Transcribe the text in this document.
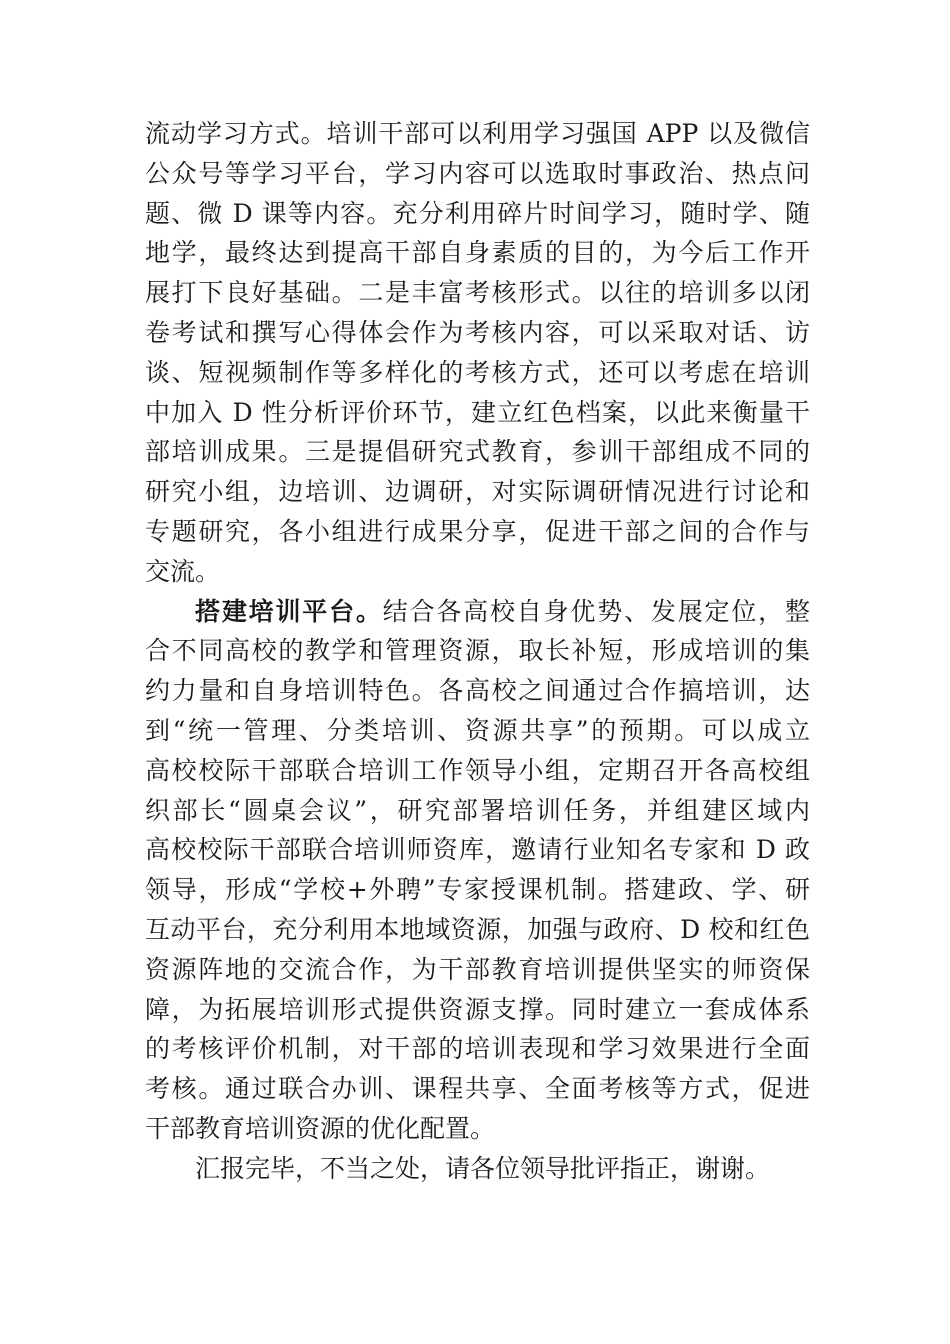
流动学习方式。培训干部可以利用学习强国 APP 以及微信
公众号等学习平台，学习内容可以选取时事政治、热点问
题、微 D 课等内容。充分利用碎片时间学习，随时学、随
地学，最终达到提高干部自身素质的目的，为今后工作开
展打下良好基础。二是丰富考核形式。以往的培训多以闭
卷考试和撰写心得体会作为考核内容，可以采取对话、访
谈、短视频制作等多样化的考核方式，还可以考虑在培训
中加入 D 性分析评价环节，建立红色档案，以此来衡量干
部培训成果。三是提倡研究式教育，参训干部组成不同的
研究小组，边培训、边调研，对实际调研情况进行讨论和
专题研究，各小组进行成果分享，促进干部之间的合作与
交流。
搭建培训平台。结合各高校自身优势、发展定位，整
合不同高校的教学和管理资源，取长补短，形成培训的集
约力量和自身培训特色。各高校之间通过合作搞培训，达
到“统一管理、分类培训、资源共享”的预期。可以成立
高校校际干部联合培训工作领导小组，定期召开各高校组
织部长“圆桌会议”，研究部署培训任务，并组建区域内
高校校际干部联合培训师资库，邀请行业知名专家和 D 政
领导，形成“学校+外聘”专家授课机制。搭建政、学、研
互动平台，充分利用本地域资源，加强与政府、D 校和红色
资源阵地的交流合作，为干部教育培训提供坚实的师资保
障，为拓展培训形式提供资源支撑。同时建立一套成体系
的考核评价机制，对干部的培训表现和学习效果进行全面
考核。通过联合办训、课程共享、全面考核等方式，促进
干部教育培训资源的优化配置。
汇报完毕，不当之处，请各位领导批评指正，谢谢。
